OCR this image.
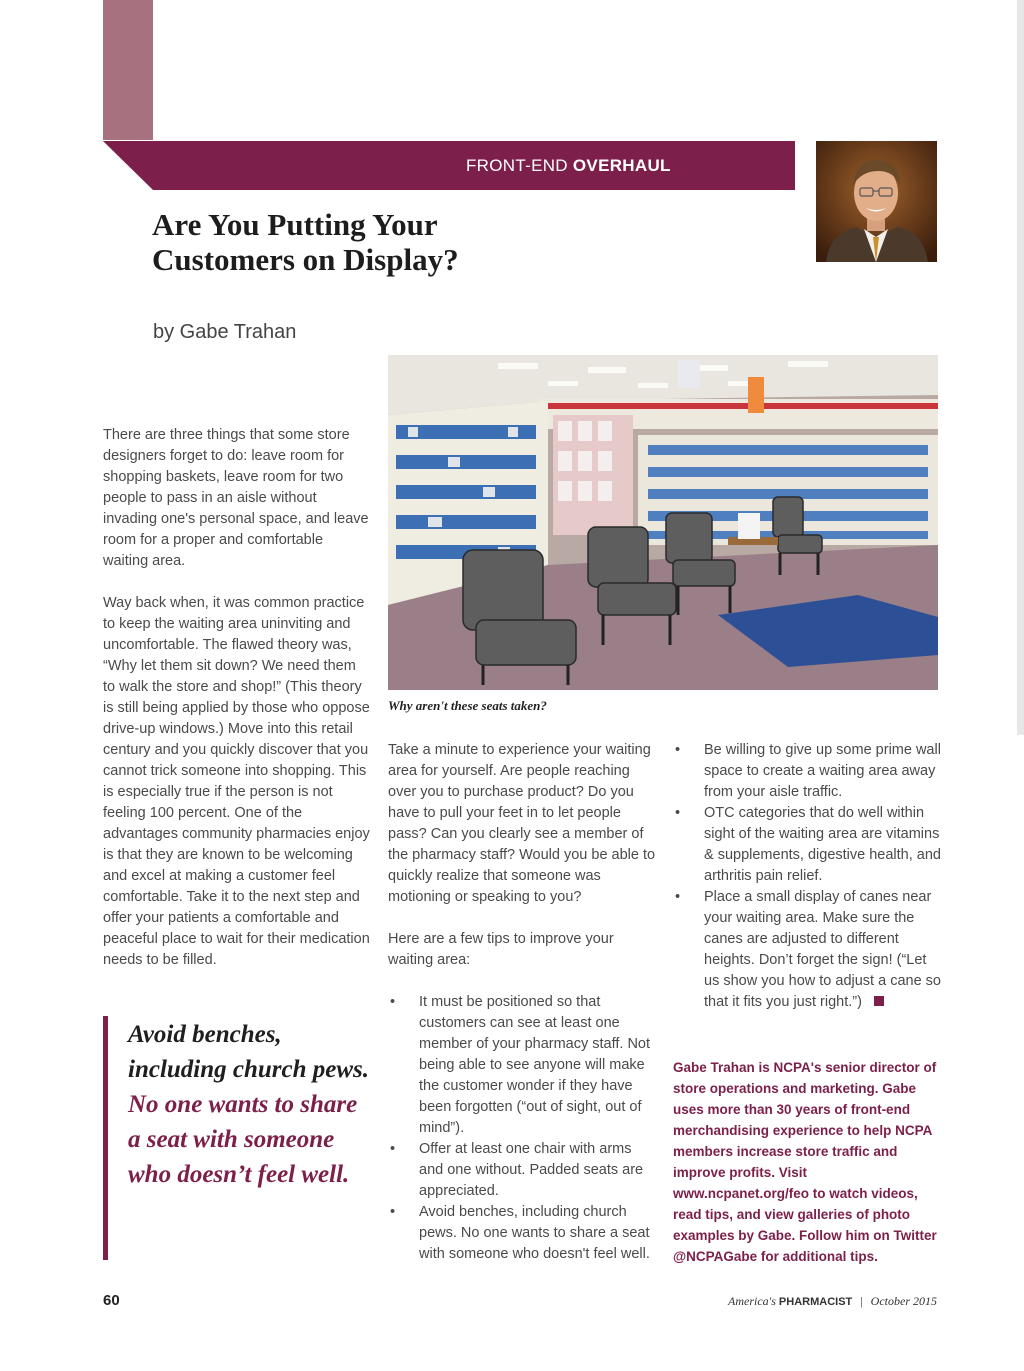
FRONT-END OVERHAUL
Are You Putting Your
Customers on Display?
by Gabe Trahan
Why aren't these seats taken?

There are three things that some store designers forget to do: leave room for shopping baskets, leave room for two people to pass in an aisle without invading one's personal space, and leave room for a proper and comfortable waiting area.

Way back when, it was common practice to keep the waiting area uninviting and uncomfortable. The flawed theory was, “Why let them sit down? We need them to walk the store and shop!” (This theory is still being applied by those who oppose drive-up windows.) Move into this retail century and you quickly discover that you cannot trick someone into shopping. This is especially true if the person is not feeling 100 percent. One of the advantages community pharmacies enjoy is that they are known to be welcoming and excel at making a customer feel comfortable. Take it to the next step and offer your patients a comfortable and peaceful place to wait for their medication needs to be filled.

Avoid benches, including church pews. No one wants to share a seat with someone who doesn’t feel well.

Take a minute to experience your waiting area for yourself. Are people reaching over you to purchase product? Do you have to pull your feet in to let people pass? Can you clearly see a member of the pharmacy staff? Would you be able to quickly realize that someone was motioning or speaking to you?

Here are a few tips to improve your waiting area:

• It must be positioned so that customers can see at least one member of your pharmacy staff. Not being able to see anyone will make the customer wonder if they have been forgotten (“out of sight, out of mind”).
• Offer at least one chair with arms and one without. Padded seats are appreciated.
• Avoid benches, including church pews. No one wants to share a seat with someone who doesn't feel well.
• Be willing to give up some prime wall space to create a waiting area away from your aisle traffic.
• OTC categories that do well within sight of the waiting area are vitamins & supplements, digestive health, and arthritis pain relief.
• Place a small display of canes near your waiting area. Make sure the canes are adjusted to different heights. Don’t forget the sign! (“Let us show you how to adjust a cane so that it fits you just right.”)
Gabe Trahan is NCPA's senior director of store operations and marketing. Gabe uses more than 30 years of front-end merchandising experience to help NCPA members increase store traffic and improve profits. Visit www.ncpanet.org/feo to watch videos, read tips, and view galleries of photo examples by Gabe. Follow him on Twitter @NCPAGabe for additional tips.
60	America's PHARMACIST | October 2015
